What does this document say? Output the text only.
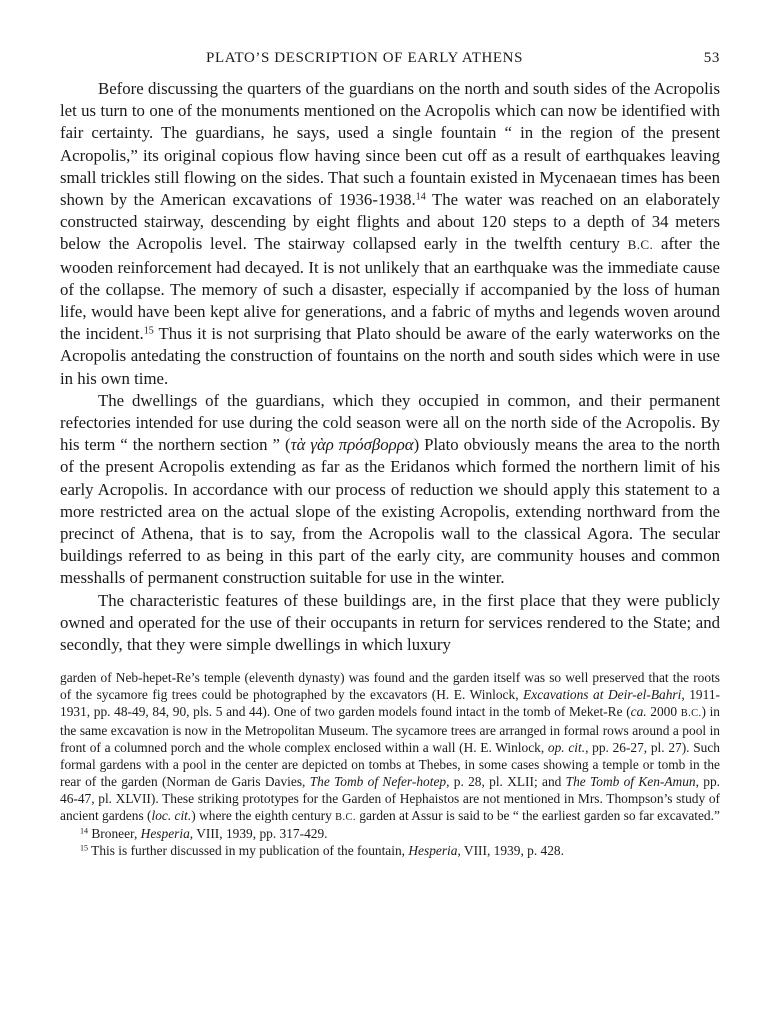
PLATO’S DESCRIPTION OF EARLY ATHENS	53

Before discussing the quarters of the guardians on the north and south sides of the Acropolis let us turn to one of the monuments mentioned on the Acropolis which can now be identified with fair certainty. The guardians, he says, used a single fountain “ in the region of the present Acropolis,” its original copious flow having since been cut off as a result of earthquakes leaving small trickles still flowing on the sides. That such a fountain existed in Mycenaean times has been shown by the American excavations of 1936-1938.14 The water was reached on an elaborately constructed stairway, descending by eight flights and about 120 steps to a depth of 34 meters below the Acropolis level. The stairway collapsed early in the twelfth century B.C. after the wooden reinforcement had decayed. It is not unlikely that an earthquake was the immediate cause of the collapse. The memory of such a disaster, especially if accompanied by the loss of human life, would have been kept alive for generations, and a fabric of myths and legends woven around the incident.$^{15}$ Thus it is not surprising that Plato should be aware of the early waterworks on the Acropolis antedating the construction of fountains on the north and south sides which were in use in his own time.

The dwellings of the guardians, which they occupied in common, and their permanent refectories intended for use during the cold season were all on the north side of the Acropolis. By his term “ the northern section ” (τὰ γὰρ πρόσβορρα) Plato obviously means the area to the north of the present Acropolis extending as far as the Eridanos which formed the northern limit of his early Acropolis. In accordance with our process of reduction we should apply this statement to a more restricted area on the actual slope of the existing Acropolis, extending northward from the precinct of Athena, that is to say, from the Acropolis wall to the classical Agora. The secular buildings referred to as being in this part of the early city, are community houses and common messhalls of permanent construction suitable for use in the winter.

The characteristic features of these buildings are, in the first place that they were publicly owned and operated for the use of their occupants in return for services rendered to the State; and secondly, that they were simple dwellings in which luxury

garden of Neb-hepet-Re’s temple (eleventh dynasty) was found and the garden itself was so well preserved that the roots of the sycamore fig trees could be photographed by the excavators (H. E. Winlock, Excavations at Deir-el-Bahri, 1911-1931, pp. 48-49, 84, 90, pls. 5 and 44). One of two garden models found intact in the tomb of Meket-Re (ca. 2000 B.C.) in the same excavation is now in the Metropolitan Museum. The sycamore trees are arranged in formal rows around a pool in front of a columned porch and the whole complex enclosed within a wall (H. E. Winlock, op. cit., pp. 26-27, pl. 27). Such formal gardens with a pool in the center are depicted on tombs at Thebes, in some cases showing a temple or tomb in the rear of the garden (Norman de Garis Davies, The Tomb of Nefer-hotep, p. 28, pl. XLII; and The Tomb of Ken-Amun, pp. 46-47, pl. XLVII). These striking prototypes for the Garden of Hephaistos are not mentioned in Mrs. Thompson’s study of ancient gardens (loc. cit.) where the eighth century B.C. garden at Assur is said to be “ the earliest garden so far excavated.”

$^{14}$ Broneer, Hesperia, VIII, 1939, pp. 317-429.

$^{15}$ This is further discussed in my publication of the fountain, Hesperia, VIII, 1939, p. 428.
